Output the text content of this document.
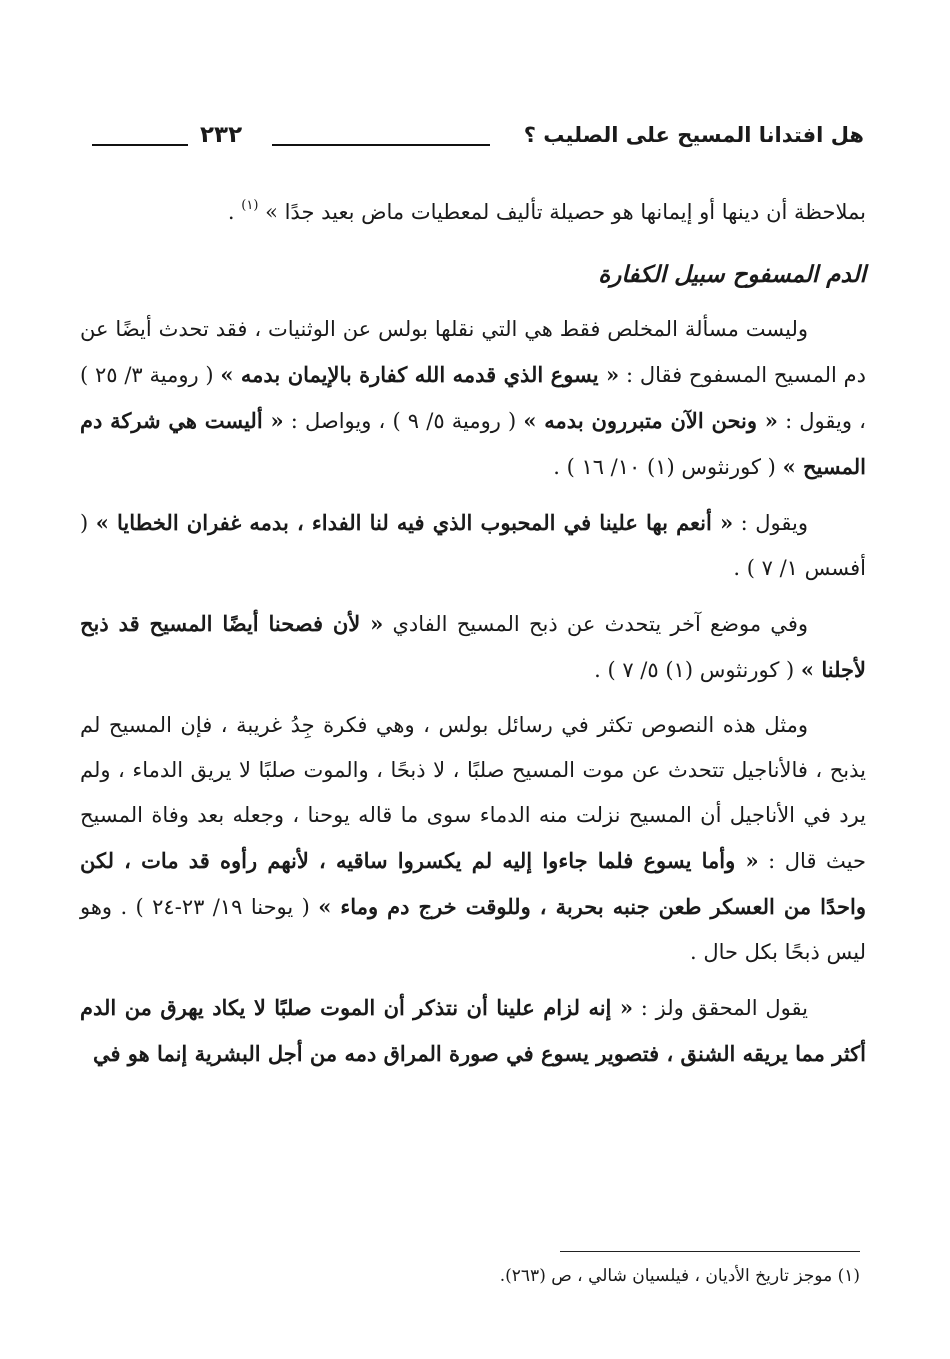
٢٣٢	هل افتدانا المسيح على الصليب ؟

بملاحظة أن دينها أو إيمانها هو حصيلة تأليف لمعطيات ماض بعيد جدًا » $^{(١)}$ .

الدم المسفوح سبيل الكفارة

وليست مسألة المخلص فقط هي التي نقلها بولس عن الوثنيات ، فقد تحدث أيضًا عن دم المسيح المسفوح فقال : « يسوع الذي قدمه الله كفارة بالإيمان بدمه » ( رومية ٣/ ٢٥ ) ، ويقول : « ونحن الآن متبررون بدمه » ( رومية ٥/ ٩ ) ، ويواصل : « أليست هي شركة دم المسيح » ( كورنثوس (١) ١٠/ ١٦ ) .

ويقول : « أنعم بها علينا في المحبوب الذي فيه لنا الفداء ، بدمه غفران الخطايا » ( أفسس ١/ ٧ ) .

وفي موضع آخر يتحدث عن ذبح المسيح الفادي « لأن فصحنا أيضًا المسيح قد ذبح لأجلنا » ( كورنثوس (١) ٥/ ٧ ) .

ومثل هذه النصوص تكثر في رسائل بولس ، وهي فكرة جِدُ غريبة ، فإن المسيح لم يذبح ، فالأناجيل تتحدث عن موت المسيح صلبًا ، لا ذبحًا ، والموت صلبًا لا يريق الدماء ، ولم يرد في الأناجيل أن المسيح نزلت منه الدماء سوى ما قاله يوحنا ، وجعله بعد وفاة المسيح حيث قال : « وأما يسوع فلما جاءوا إليه لم يكسروا ساقيه ، لأنهم رأوه قد مات ، لكن واحدًا من العسكر طعن جنبه بحربة ، وللوقت خرج دم وماء » ( يوحنا ١٩/ ٢٣-٢٤ ) . وهو ليس ذبحًا بكل حال .

يقول المحقق ولز : « إنه لزام علينا أن نتذكر أن الموت صلبًا لا يكاد يهرق من الدم أكثر مما يريقه الشنق ، فتصوير يسوع في صورة المراق دمه من أجل البشرية إنما هو في

(١) موجز تاريخ الأديان ، فيلسيان شالي ، ص (٢٦٣).
